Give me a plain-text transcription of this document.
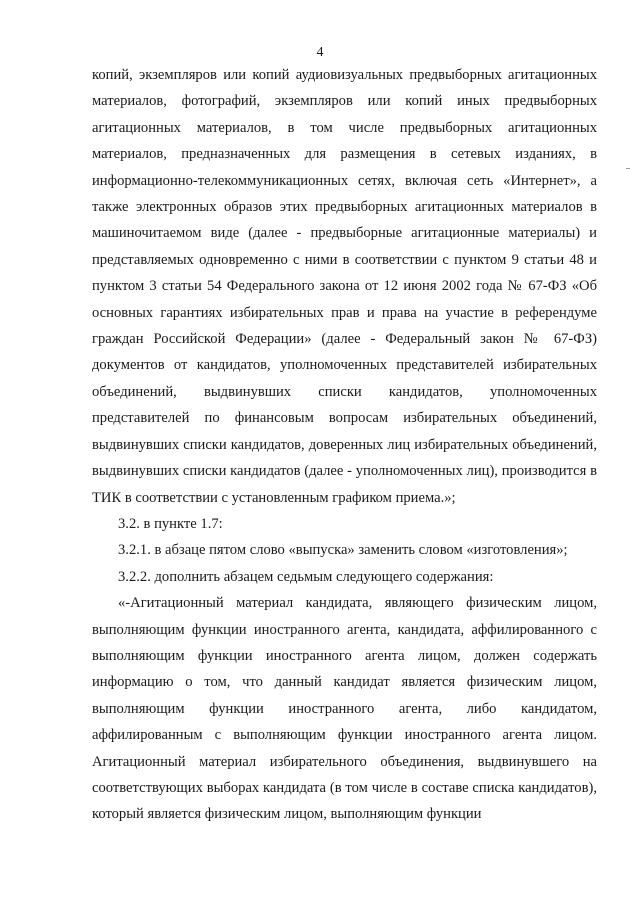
4

копий, экземпляров или копий аудиовизуальных предвыборных агитационных материалов, фотографий, экземпляров или копий иных предвыборных агитационных материалов, в том числе предвыборных агитационных материалов, предназначенных для размещения в сетевых изданиях, в информационно-телекоммуникационных сетях, включая сеть «Интернет», а также электронных образов этих предвыборных агитационных материалов в машиночитаемом виде (далее - предвыборные агитационные материалы) и представляемых одновременно с ними в соответствии с пунктом 9 статьи 48 и пунктом 3 статьи 54 Федерального закона от 12 июня 2002 года № 67-ФЗ «Об основных гарантиях избирательных прав и права на участие в референдуме граждан Российской Федерации» (далее - Федеральный закон № 67-ФЗ) документов от кандидатов, уполномоченных представителей избирательных объединений, выдвинувших списки кандидатов, уполномоченных представителей по финансовым вопросам избирательных объединений, выдвинувших списки кандидатов, доверенных лиц избирательных объединений, выдвинувших списки кандидатов (далее - уполномоченных лиц), производится в ТИК в соответствии с установленным графиком приема.»;

3.2. в пункте 1.7:

3.2.1. в абзаце пятом слово «выпуска» заменить словом «изготовления»;

3.2.2. дополнить абзацем седьмым следующего содержания:

«-Агитационный материал кандидата, являющего физическим лицом, выполняющим функции иностранного агента, кандидата, аффилированного с выполняющим функции иностранного агента лицом, должен содержать информацию о том, что данный кандидат является физическим лицом, выполняющим функции иностранного агента, либо кандидатом, аффилированным с выполняющим функции иностранного агента лицом. Агитационный материал избирательного объединения, выдвинувшего на соответствующих выборах кандидата (в том числе в составе списка кандидатов), который является физическим лицом, выполняющим функции
